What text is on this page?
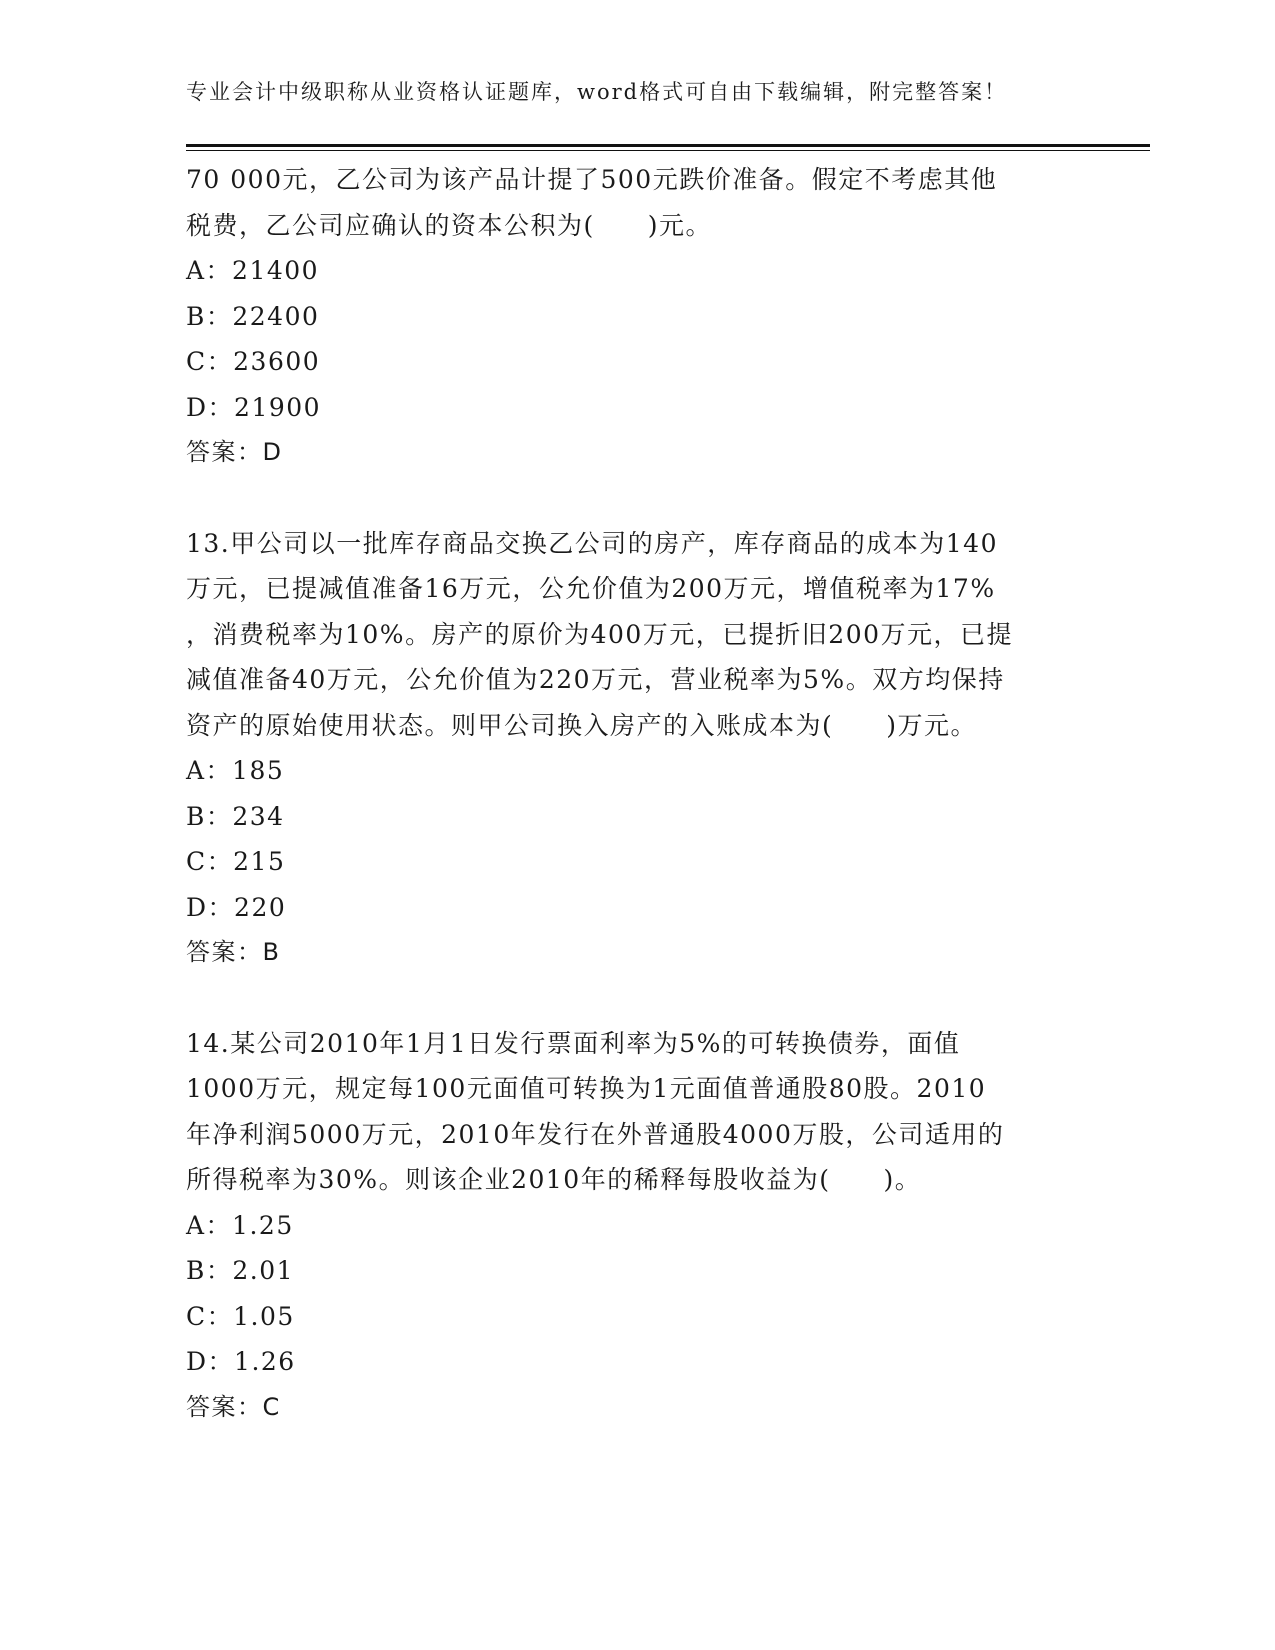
专业会计中级职称从业资格认证题库，word格式可自由下载编辑，附完整答案！
70 000元，乙公司为该产品计提了500元跌价准备。假定不考虑其他
税费，乙公司应确认的资本公积为(　　)元。
A：21400
B：22400
C：23600
D：21900
答案：D
13.甲公司以一批库存商品交换乙公司的房产，库存商品的成本为140
万元，已提减值准备16万元，公允价值为200万元，增值税率为17%
，消费税率为10%。房产的原价为400万元，已提折旧200万元，已提
减值准备40万元，公允价值为220万元，营业税率为5%。双方均保持
资产的原始使用状态。则甲公司换入房产的入账成本为(　　)万元。
A：185
B：234
C：215
D：220
答案：B
14.某公司2010年1月1日发行票面利率为5%的可转换债券，面值
1000万元，规定每100元面值可转换为1元面值普通股80股。2010
年净利润5000万元，2010年发行在外普通股4000万股，公司适用的
所得税率为30%。则该企业2010年的稀释每股收益为(　　)。
A：1.25
B：2.01
C：1.05
D：1.26
答案：C
